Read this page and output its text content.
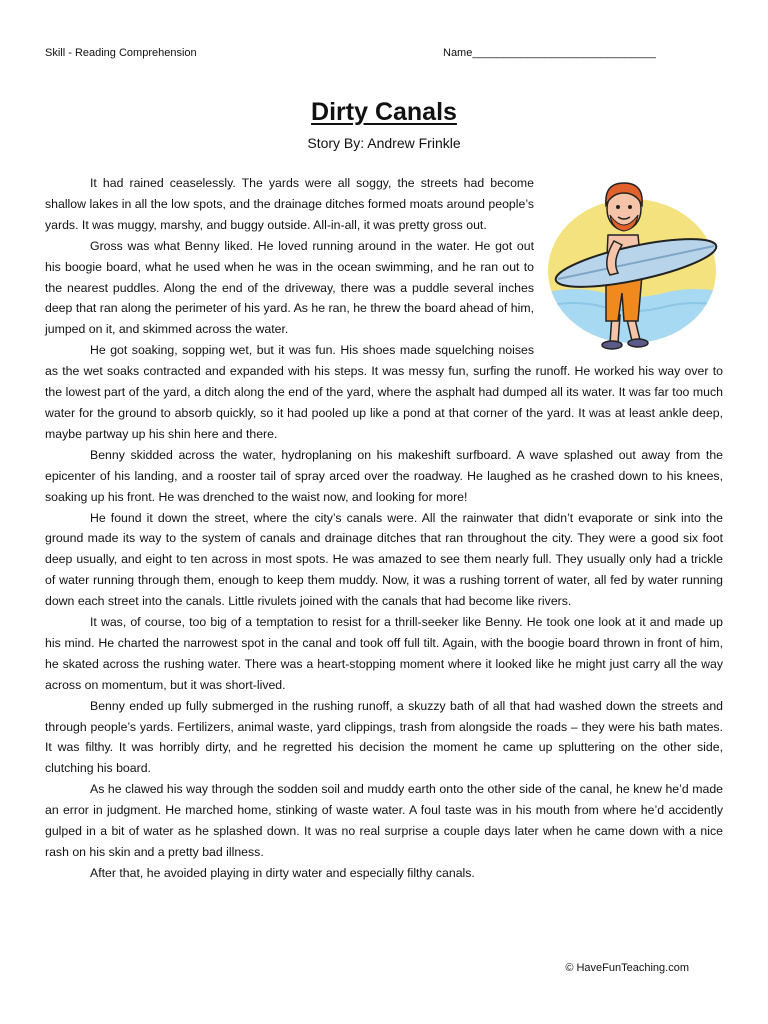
Skill - Reading Comprehension	Name______________________________
Dirty Canals
Story By: Andrew Frinkle

It had rained ceaselessly. The yards were all soggy, the streets had become shallow lakes in all the low spots, and the drainage ditches formed moats around people’s yards. It was muggy, marshy, and buggy outside. All-in-all, it was pretty gross out.

Gross was what Benny liked. He loved running around in the water. He got out his boogie board, what he used when he was in the ocean swimming, and he ran out to the nearest puddles. Along the end of the driveway, there was a puddle several inches deep that ran along the perimeter of his yard. As he ran, he threw the board ahead of him, jumped on it, and skimmed across the water.

He got soaking, sopping wet, but it was fun. His shoes made squelching noises as the wet soaks contracted and expanded with his steps. It was messy fun, surfing the runoff. He worked his way over to the lowest part of the yard, a ditch along the end of the yard, where the asphalt had dumped all its water. It was far too much water for the ground to absorb quickly, so it had pooled up like a pond at that corner of the yard. It was at least ankle deep, maybe partway up his shin here and there.

Benny skidded across the water, hydroplaning on his makeshift surfboard. A wave splashed out away from the epicenter of his landing, and a rooster tail of spray arced over the roadway. He laughed as he crashed down to his knees, soaking up his front. He was drenched to the waist now, and looking for more!

He found it down the street, where the city’s canals were. All the rainwater that didn’t evaporate or sink into the ground made its way to the system of canals and drainage ditches that ran throughout the city. They were a good six foot deep usually, and eight to ten across in most spots. He was amazed to see them nearly full. They usually only had a trickle of water running through them, enough to keep them muddy. Now, it was a rushing torrent of water, all fed by water running down each street into the canals. Little rivulets joined with the canals that had become like rivers.

It was, of course, too big of a temptation to resist for a thrill-seeker like Benny. He took one look at it and made up his mind. He charted the narrowest spot in the canal and took off full tilt. Again, with the boogie board thrown in front of him, he skated across the rushing water. There was a heart-stopping moment where it looked like he might just carry all the way across on momentum, but it was short-lived.

Benny ended up fully submerged in the rushing runoff, a skuzzy bath of all that had washed down the streets and through people’s yards. Fertilizers, animal waste, yard clippings, trash from alongside the roads – they were his bath mates. It was filthy. It was horribly dirty, and he regretted his decision the moment he came up spluttering on the other side, clutching his board.

As he clawed his way through the sodden soil and muddy earth onto the other side of the canal, he knew he’d made an error in judgment. He marched home, stinking of waste water. A foul taste was in his mouth from where he’d accidently gulped in a bit of water as he splashed down. It was no real surprise a couple days later when he came down with a nice rash on his skin and a pretty bad illness.

After that, he avoided playing in dirty water and especially filthy canals.

© HaveFunTeaching.com
